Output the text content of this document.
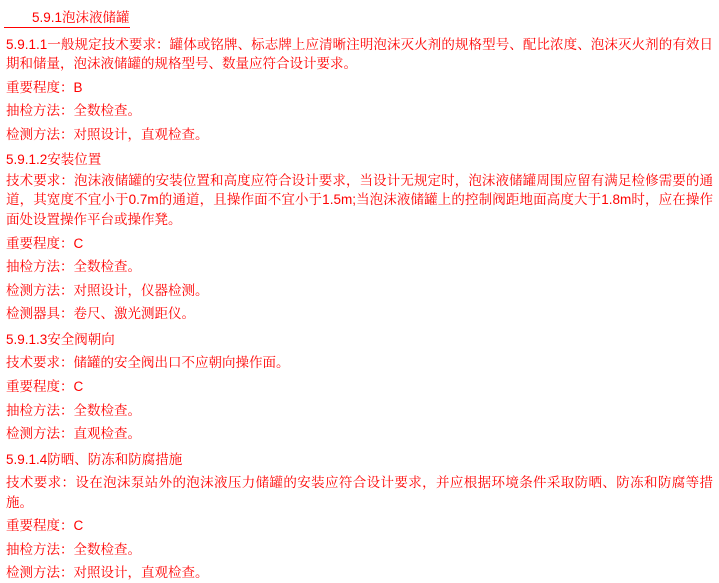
5.9.1泡沫液储罐

5.9.1.1一般规定技术要求：罐体或铭牌、标志牌上应清晰注明泡沫灭火剂的规格型号、配比浓度、泡沫灭火剂的有效日期和储量，泡沫液储罐的规格型号、数量应符合设计要求。

重要程度：B

抽检方法：全数检查。

检测方法：对照设计，直观检查。

5.9.1.2安装位置

技术要求：泡沫液储罐的安装位置和高度应符合设计要求，当设计无规定时，泡沫液储罐周围应留有满足检修需要的通道，其宽度不宜小于0.7m的通道，且操作面不宜小于1.5m;当泡沫液储罐上的控制阀距地面高度大于1.8m时，应在操作面处设置操作平台或操作凳。

重要程度：C

抽检方法：全数检查。

检测方法：对照设计，仪器检测。

检测器具：卷尺、激光测距仪。

5.9.1.3安全阀朝向

技术要求：储罐的安全阀出口不应朝向操作面。

重要程度：C

抽检方法：全数检查。

检测方法：直观检查。

5.9.1.4防晒、防冻和防腐措施

技术要求：设在泡沫泵站外的泡沫液压力储罐的安装应符合设计要求，并应根据环境条件采取防晒、防冻和防腐等措施。

重要程度：C

抽检方法：全数检查。

检测方法：对照设计，直观检查。
